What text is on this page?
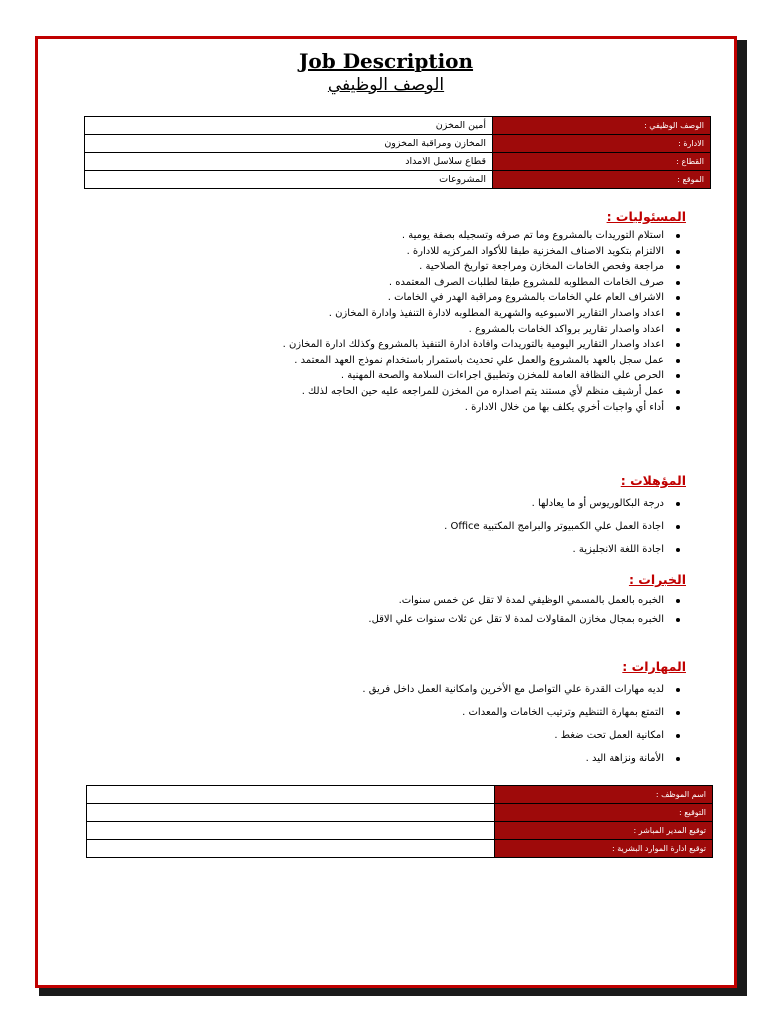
Job Description
الوصف الوظيفي
أمين المخزن	الوصف الوظيفي :
المخازن ومراقبة المخزون	الادارة :
قطاع سلاسل الامداد	القطاع :
المشروعات	الموقع :
المسئوليات :
استلام التوريدات بالمشروع وما تم صرفه وتسجيله بصفة يومية .
الالتزام بتكويد الاصناف المخزنية طبقا للأكواد المركزيه للادارة .
مراجعة وفحص الخامات المخازن ومراجعة تواريخ الصلاحية .
صرف الخامات المطلوبه للمشروع طبقا لطلبات الصرف المعتمده .
الاشراف العام علي الخامات بالمشروع ومراقبة الهدر في الخامات .
اعداد واصدار التقارير الاسبوعيه والشهرية المطلوبه لادارة التنفيذ وادارة المخازن .
اعداد واصدار تقارير برواكد الخامات بالمشروع .
اعداد واصدار التقارير اليومية بالتوريدات وافادة ادارة التنفيذ بالمشروع وكذلك ادارة المخازن .
عمل سجل بالعهد بالمشروع والعمل علي تحديث باستمرار باستخدام نموذج العهد المعتمد .
الحرص علي النظافة العامة للمخزن وتطبيق اجراءات السلامة والصحة المهنية .
عمل أرشيف منظم لأي مستند يتم اصداره من المخزن للمراجعه عليه حين الحاجه لذلك .
أداء أي واجبات أخري يكلف بها من خلال الادارة .
المؤهلات :
درجة البكالوريوس أو ما يعادلها .
اجادة العمل علي الكمبيوتر والبرامج المكتبية Office .
اجادة اللغة الانجليزية .
الخبرات :
الخبره بالعمل بالمسمي الوظيفي لمدة لا تقل عن خمس سنوات.
الخبره بمجال مخازن المقاولات لمدة لا تقل عن ثلاث سنوات علي الاقل.
المهارات :
لديه مهارات القدرة علي التواصل مع الأخرين وامكانية العمل داخل فريق .
التمتع بمهارة التنظيم وترتيب الخامات والمعدات .
امكانية العمل تحت ضغط .
الأمانة ونزاهة اليد .
	اسم الموظف :
	التوقيع :
	توقيع المدير المباشر :
	توقيع ادارة الموارد البشرية :
